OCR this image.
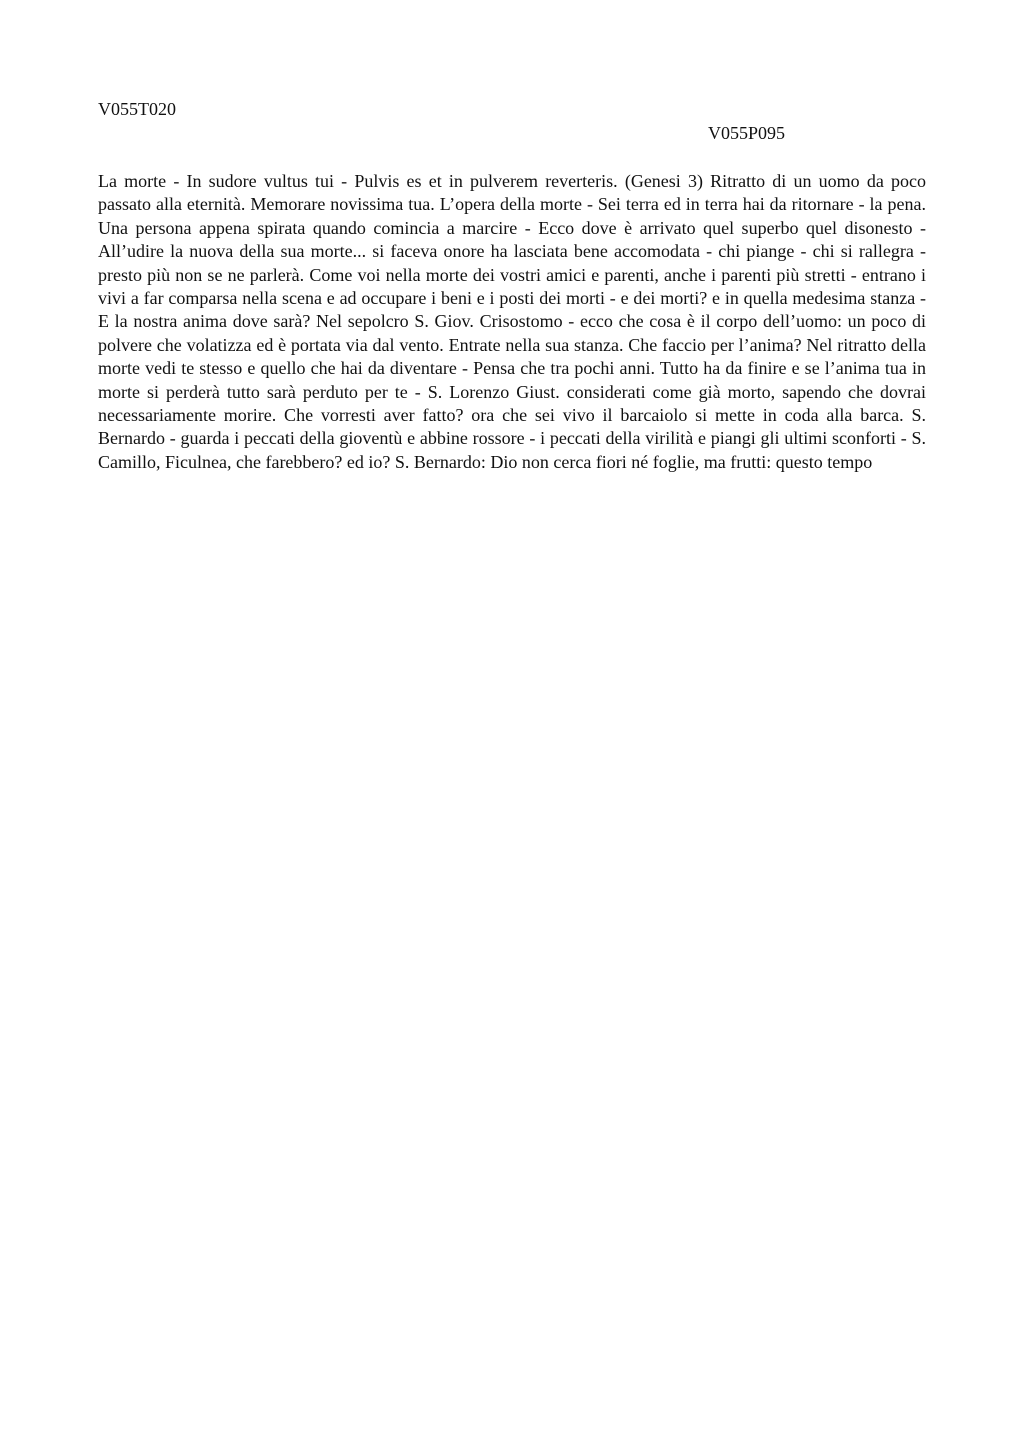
V055T020

V055P095

La morte - In sudore vultus tui - Pulvis es et in pulverem reverteris. (Genesi 3) Ritratto di un uomo da poco passato alla eternità. Memorare novissima tua. L’opera della morte - Sei terra ed in terra hai da ritornare - la pena. Una persona appena spirata quando comincia a marcire - Ecco dove è arrivato quel superbo quel disonesto - All’udire la nuova della sua morte... si faceva onore ha lasciata bene accomodata - chi piange - chi si rallegra - presto più non se ne parlerà. Come voi nella morte dei vostri amici e parenti, anche i parenti più stretti - entrano i vivi a far comparsa nella scena e ad occupare i beni e i posti dei morti - e dei morti? e in quella medesima stanza - E la nostra anima dove sarà? Nel sepolcro S. Giov. Crisostomo - ecco che cosa è il corpo dell’uomo: un poco di polvere che volatizza ed è portata via dal vento. Entrate nella sua stanza. Che faccio per l’anima? Nel ritratto della morte vedi te stesso e quello che hai da diventare - Pensa che tra pochi anni. Tutto ha da finire e se l’anima tua in morte si perderà tutto sarà perduto per te - S. Lorenzo Giust. considerati come già morto, sapendo che dovrai necessariamente morire. Che vorresti aver fatto? ora che sei vivo il barcaiolo si mette in coda alla barca. S. Bernardo - guarda i peccati della gioventù e abbine rossore - i peccati della virilità e piangi gli ultimi sconforti - S. Camillo, Ficulnea, che farebbero? ed io? S. Bernardo: Dio non cerca fiori né foglie, ma frutti: questo tempo
